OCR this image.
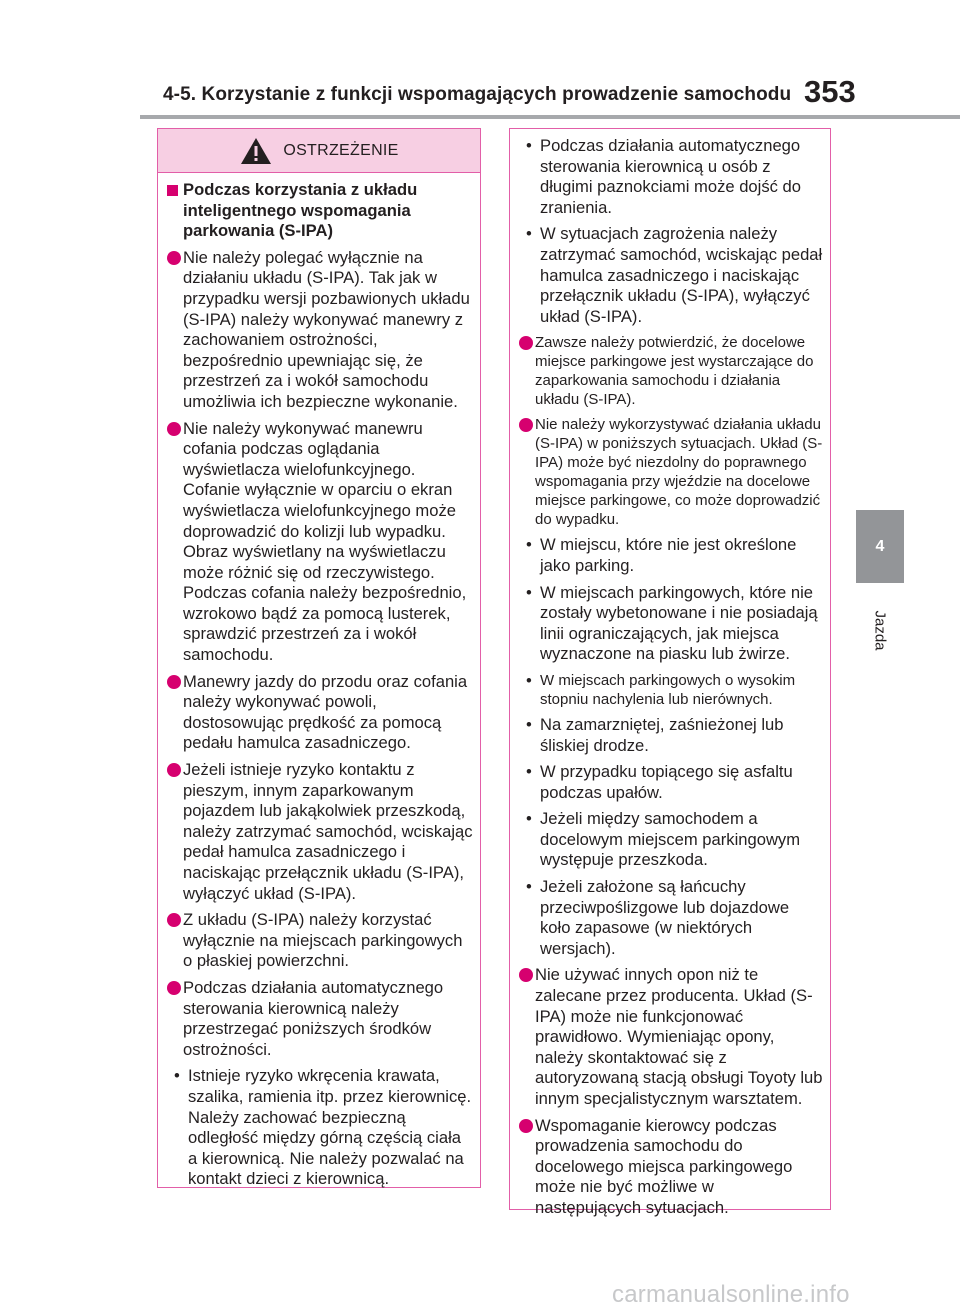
4-5. Korzystanie z funkcji wspomagających prowadzenie samochodu 353
4
Jazda
OSTRZEŻENIE
Podczas korzystania z układu inteligentnego wspomagania parkowania (S-IPA)
Nie należy polegać wyłącznie na działaniu układu (S-IPA). Tak jak w przypadku wersji pozbawionych układu (S-IPA) należy wykonywać manewry z zachowaniem ostrożności, bezpośrednio upewniając się, że przestrzeń za i wokół samochodu umożliwia ich bezpieczne wykonanie.
Nie należy wykonywać manewru cofania podczas oglądania wyświetlacza wielofunkcyjnego. Cofanie wyłącznie w oparciu o ekran wyświetlacza wielofunkcyjnego może doprowadzić do kolizji lub wypadku. Obraz wyświetlany na wyświetlaczu może różnić się od rzeczywistego. Podczas cofania należy bezpośrednio, wzrokowo bądź za pomocą lusterek, sprawdzić przestrzeń za i wokół samochodu.
Manewry jazdy do przodu oraz cofania należy wykonywać powoli, dostosowując prędkość za pomocą pedału hamulca zasadniczego.
Jeżeli istnieje ryzyko kontaktu z pieszym, innym zaparkowanym pojazdem lub jakąkolwiek przeszkodą, należy zatrzymać samochód, wciskając pedał hamulca zasadniczego i naciskając przełącznik układu (S-IPA), wyłączyć układ (S-IPA).
Z układu (S-IPA) należy korzystać wyłącznie na miejscach parkingowych o płaskiej powierzchni.
Podczas działania automatycznego sterowania kierownicą należy przestrzegać poniższych środków ostrożności.
•
Istnieje ryzyko wkręcenia krawata, szalika, ramienia itp. przez kierownicę. Należy zachować bezpieczną odległość między górną częścią ciała a kierownicą. Nie należy pozwalać na kontakt dzieci z kierownicą.
•
Podczas działania automatycznego sterowania kierownicą u osób z długimi paznokciami może dojść do zranienia.
•
W sytuacjach zagrożenia należy zatrzymać samochód, wciskając pedał hamulca zasadniczego i naciskając przełącznik układu (S-IPA), wyłączyć układ (S-IPA).
Zawsze należy potwierdzić, że docelowe miejsce parkingowe jest wystarczające do zaparkowania samochodu i działania układu (S-IPA).
Nie należy wykorzystywać działania układu (S-IPA) w poniższych sytuacjach. Układ (S-IPA) może być niezdolny do poprawnego wspomagania przy wjeździe na docelowe miejsce parkingowe, co może doprowadzić do wypadku.
•
W miejscu, które nie jest określone jako parking.
•
W miejscach parkingowych, które nie zostały wybetonowane i nie posiadają linii ograniczających, jak miejsca wyznaczone na piasku lub żwirze.
•
W miejscach parkingowych o wysokim stopniu nachylenia lub nierównych.
•
Na zamarzniętej, zaśnieżonej lub śliskiej drodze.
•
W przypadku topiącego się asfaltu podczas upałów.
•
Jeżeli między samochodem a docelowym miejscem parkingowym występuje przeszkoda.
•
Jeżeli założone są łańcuchy przeciwpoślizgowe lub dojazdowe koło zapasowe (w niektórych wersjach).
Nie używać innych opon niż te zalecane przez producenta. Układ (S-IPA) może nie funkcjonować prawidłowo. Wymieniając opony, należy skontaktować się z autoryzowaną stacją obsługi Toyoty lub innym specjalistycznym warsztatem.
Wspomaganie kierowcy podczas prowadzenia samochodu do docelowego miejsca parkingowego może nie być możliwe w następujących sytuacjach.
carmanualsonline.info
